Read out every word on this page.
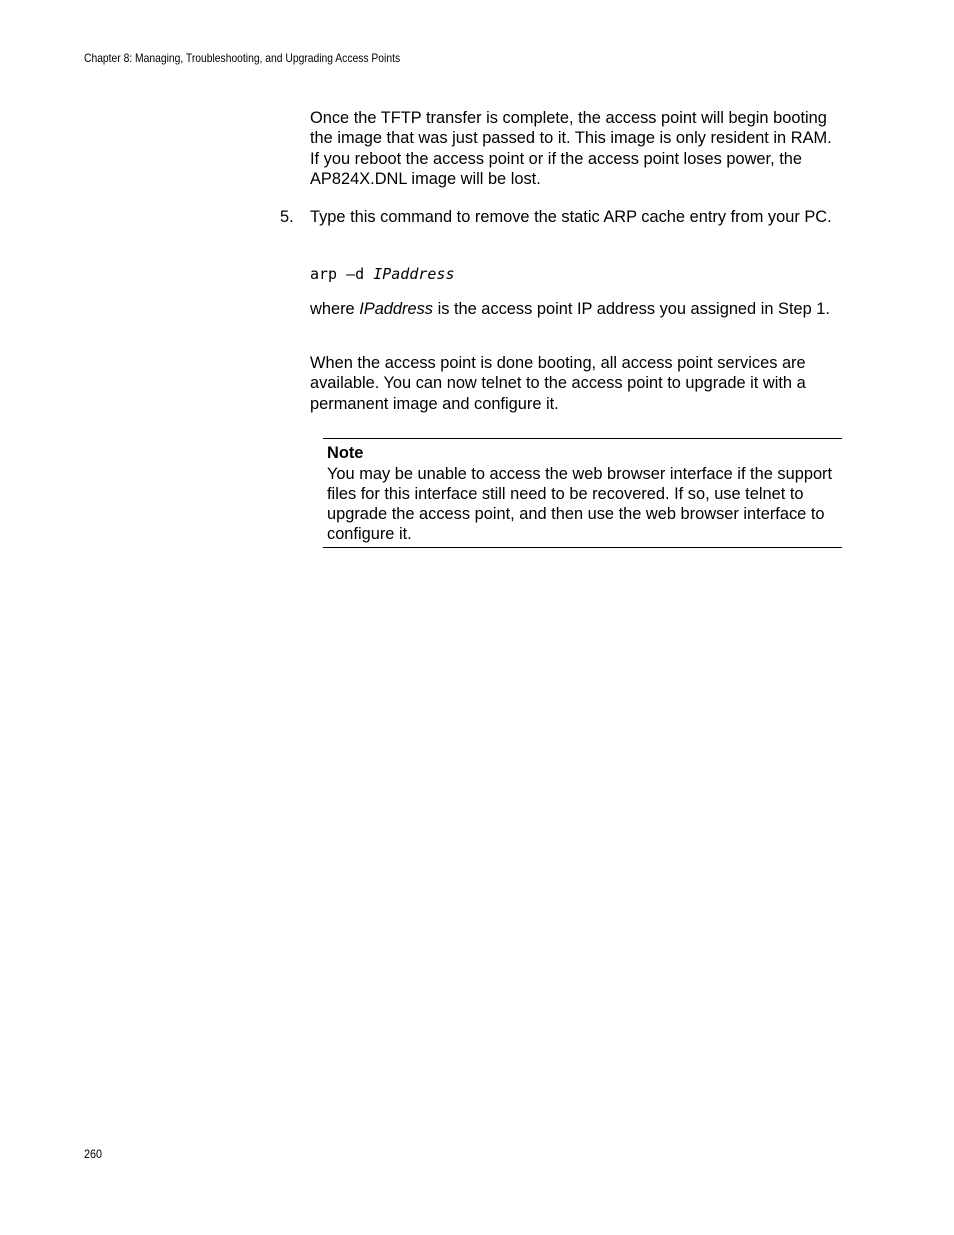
Chapter 8: Managing, Troubleshooting, and Upgrading Access Points

Once the TFTP transfer is complete, the access point will begin booting the image that was just passed to it. This image is only resident in RAM. If you reboot the access point or if the access point loses power, the AP824X.DNL image will be lost.

5. Type this command to remove the static ARP cache entry from your PC.
arp –d IPaddress

where IPaddress is the access point IP address you assigned in Step 1.

When the access point is done booting, all access point services are available. You can now telnet to the access point to upgrade it with a permanent image and configure it.

Note
You may be unable to access the web browser interface if the support files for this interface still need to be recovered. If so, use telnet to upgrade the access point, and then use the web browser interface to configure it.
260
